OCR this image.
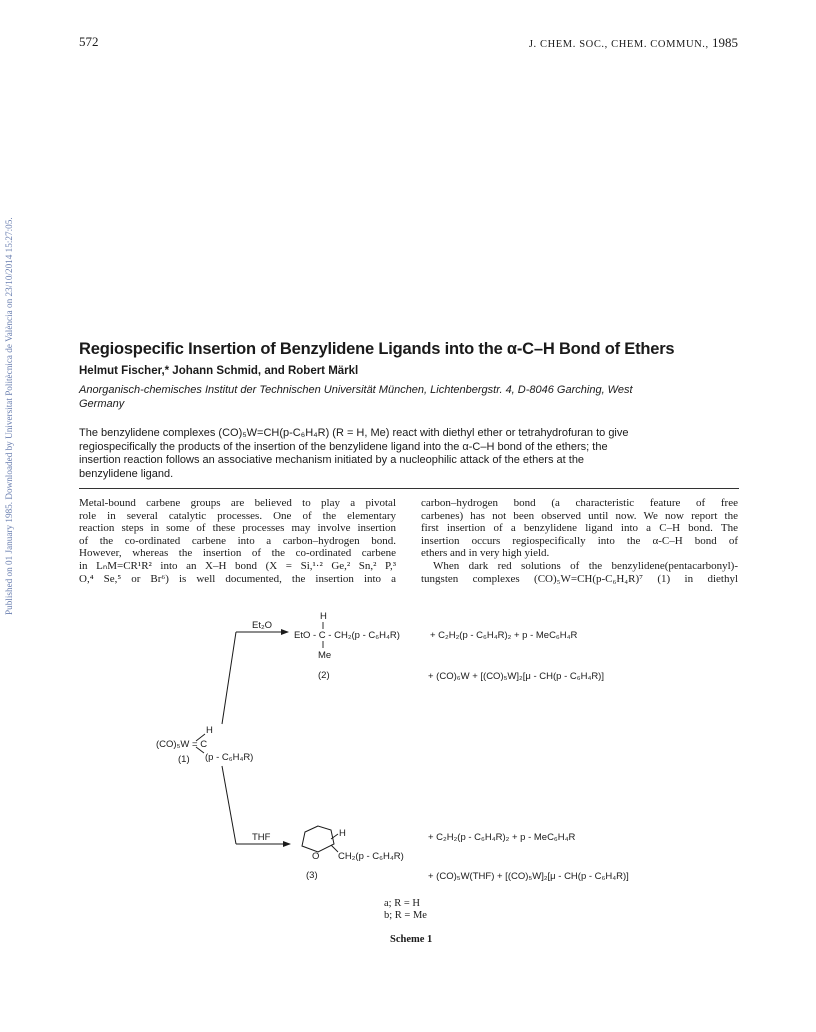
Published on 01 January 1985. Downloaded by Universitat Politècnica de València on 23/10/2014 15:27:05.
572	J. CHEM. SOC., CHEM. COMMUN., 1985
Regiospecific Insertion of Benzylidene Ligands into the α-C–H Bond of Ethers
Helmut Fischer,* Johann Schmid, and Robert Märkl
Anorganisch-chemisches Institut der Technischen Universität München, Lichtenbergstr. 4, D-8046 Garching, West
Germany
The benzylidene complexes (CO)₅W=CH(p-C₆H₄R) (R = H, Me) react with diethyl ether or tetrahydrofuran to give
regiospecifically the products of the insertion of the benzylidene ligand into the α-C–H bond of the ethers; the
insertion reaction follows an associative mechanism initiated by a nucleophilic attack of the ethers at the
benzylidene ligand.
Metal-bound carbene groups are believed to play a pivotal
role in several catalytic processes. One of the elementary
reaction steps in some of these processes may involve insertion
of the co-ordinated carbene into a carbon–hydrogen bond.
However, whereas the insertion of the co-ordinated carbene
in LₙM=CR¹R² into an X–H bond (X = Si,¹·² Ge,² Sn,² P,³
O,⁴ Se,⁵ or Br⁶) is well documented, the insertion into a
carbon–hydrogen bond (a characteristic feature of free
carbenes) has not been observed until now. We now report the
first insertion of a benzylidene ligand into a C–H bond. The
insertion occurs regiospecifically into the α-C–H bond of
ethers and in very high yield.
When dark red solutions of the benzylidene(pentacarbonyl)-
tungsten complexes (CO)₅W=CH(p-C₆H₄R)⁷ (1) in diethyl
Et₂O
THF
H
(CO)₅W = C
(p - C₆H₄R)
(1)
H
EtO - C - CH₂(p - C₆H₄R)
Me
(2)
+ C₂H₂(p - C₆H₄R)₂ + p - MeC₆H₄R
+ (CO)₆W + [(CO)₅W]₂[μ - CH(p - C₆H₄R)]
H
O CH₂(p - C₆H₄R)
(3)
+ C₂H₂(p - C₆H₄R)₂ + p - MeC₆H₄R
+ (CO)₅W(THF) + [(CO)₅W]₂[μ - CH(p - C₆H₄R)]
a; R = H
b; R = Me
Scheme 1
